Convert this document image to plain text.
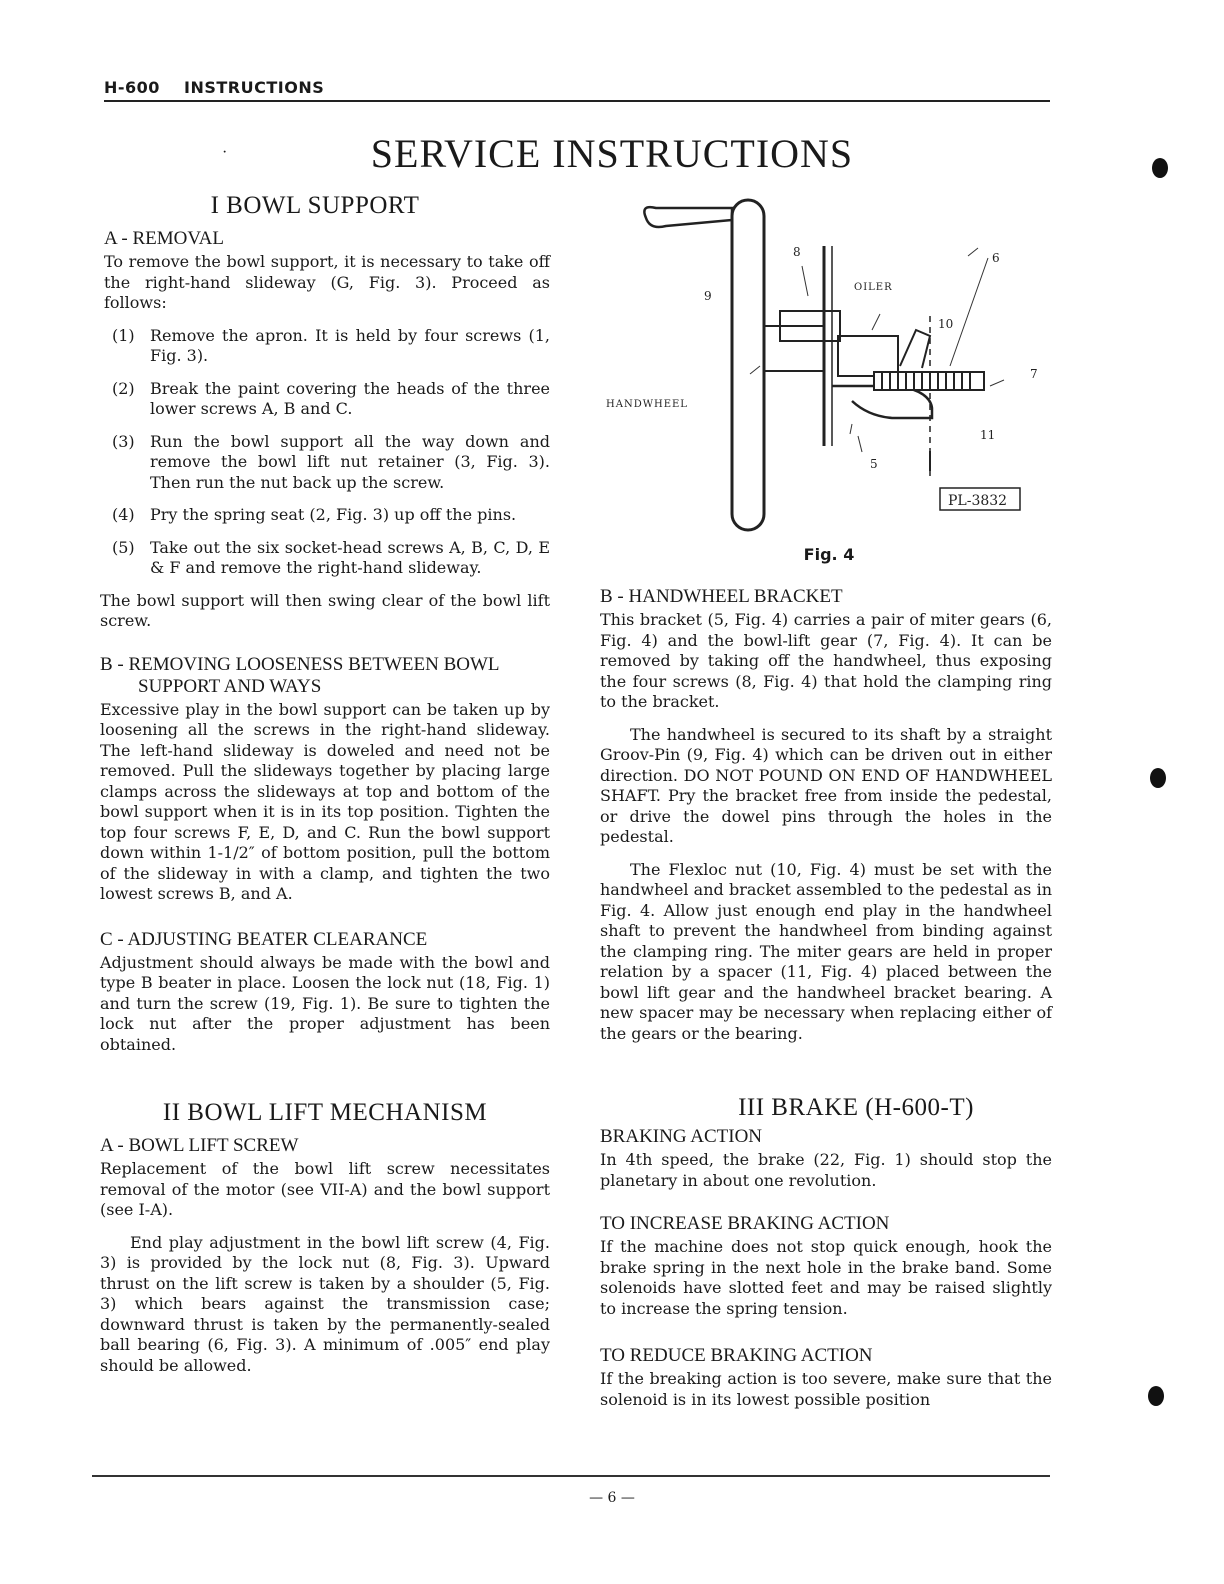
H-600 INSTRUCTIONS
·	SERVICE INSTRUCTIONS
I BOWL SUPPORT
A - REMOVAL

To remove the bowl support, it is necessary to take off the right-hand slideway (G, Fig. 3). Proceed as follows:

(1) Remove the apron. It is held by four screws (1, Fig. 3).
(2) Break the paint covering the heads of the three lower screws A, B and C.
(3) Run the bowl support all the way down and remove the bowl lift nut retainer (3, Fig. 3). Then run the nut back up the screw.
(4) Pry the spring seat (2, Fig. 3) up off the pins.
(5) Take out the six socket-head screws A, B, C, D, E & F and remove the right-hand slideway.

The bowl support will then swing clear of the bowl lift screw.

B - REMOVING LOOSENESS BETWEEN BOWL SUPPORT AND WAYS

Excessive play in the bowl support can be taken up by loosening all the screws in the right-hand slideway. The left-hand slideway is doweled and need not be removed. Pull the slideways together by placing large clamps across the slideways at top and bottom of the bowl support when it is in its top position. Tighten the top four screws F, E, D, and C. Run the bowl support down within 1-1/2″ of bottom position, pull the bottom of the slideway in with a clamp, and tighten the two lowest screws B, and A.

C - ADJUSTING BEATER CLEARANCE

Adjustment should always be made with the bowl and type B beater in place. Loosen the lock nut (18, Fig. 1) and turn the screw (19, Fig. 1). Be sure to tighten the lock nut after the proper adjustment has been obtained.

II BOWL LIFT MECHANISM
A - BOWL LIFT SCREW

Replacement of the bowl lift screw necessitates removal of the motor (see VII-A) and the bowl support (see I-A).

End play adjustment in the bowl lift screw (4, Fig. 3) is provided by the lock nut (8, Fig. 3). Upward thrust on the lift screw is taken by a shoulder (5, Fig. 3) which bears against the transmission case; downward thrust is taken by the permanently-sealed ball bearing (6, Fig. 3). A minimum of .005″ end play should be allowed.

9
8
OILER
6
10
7
HANDWHEEL
11
5
PL-3832
Fig. 4
B - HANDWHEEL BRACKET

This bracket (5, Fig. 4) carries a pair of miter gears (6, Fig. 4) and the bowl-lift gear (7, Fig. 4). It can be removed by taking off the handwheel, thus exposing the four screws (8, Fig. 4) that hold the clamping ring to the bracket.

The handwheel is secured to its shaft by a straight Groov-Pin (9, Fig. 4) which can be driven out in either direction. DO NOT POUND ON END OF HANDWHEEL SHAFT. Pry the bracket free from inside the pedestal, or drive the dowel pins through the holes in the pedestal.

The Flexloc nut (10, Fig. 4) must be set with the handwheel and bracket assembled to the pedestal as in Fig. 4. Allow just enough end play in the handwheel shaft to prevent the handwheel from binding against the clamping ring. The miter gears are held in proper relation by a spacer (11, Fig. 4) placed between the bowl lift gear and the handwheel bracket bearing. A new spacer may be necessary when replacing either of the gears or the bearing.

III BRAKE (H-600-T)
BRAKING ACTION

In 4th speed, the brake (22, Fig. 1) should stop the planetary in about one revolution.

TO INCREASE BRAKING ACTION

If the machine does not stop quick enough, hook the brake spring in the next hole in the brake band. Some solenoids have slotted feet and may be raised slightly to increase the spring tension.

TO REDUCE BRAKING ACTION

If the breaking action is too severe, make sure that the solenoid is in its lowest possible position

— 6 —
